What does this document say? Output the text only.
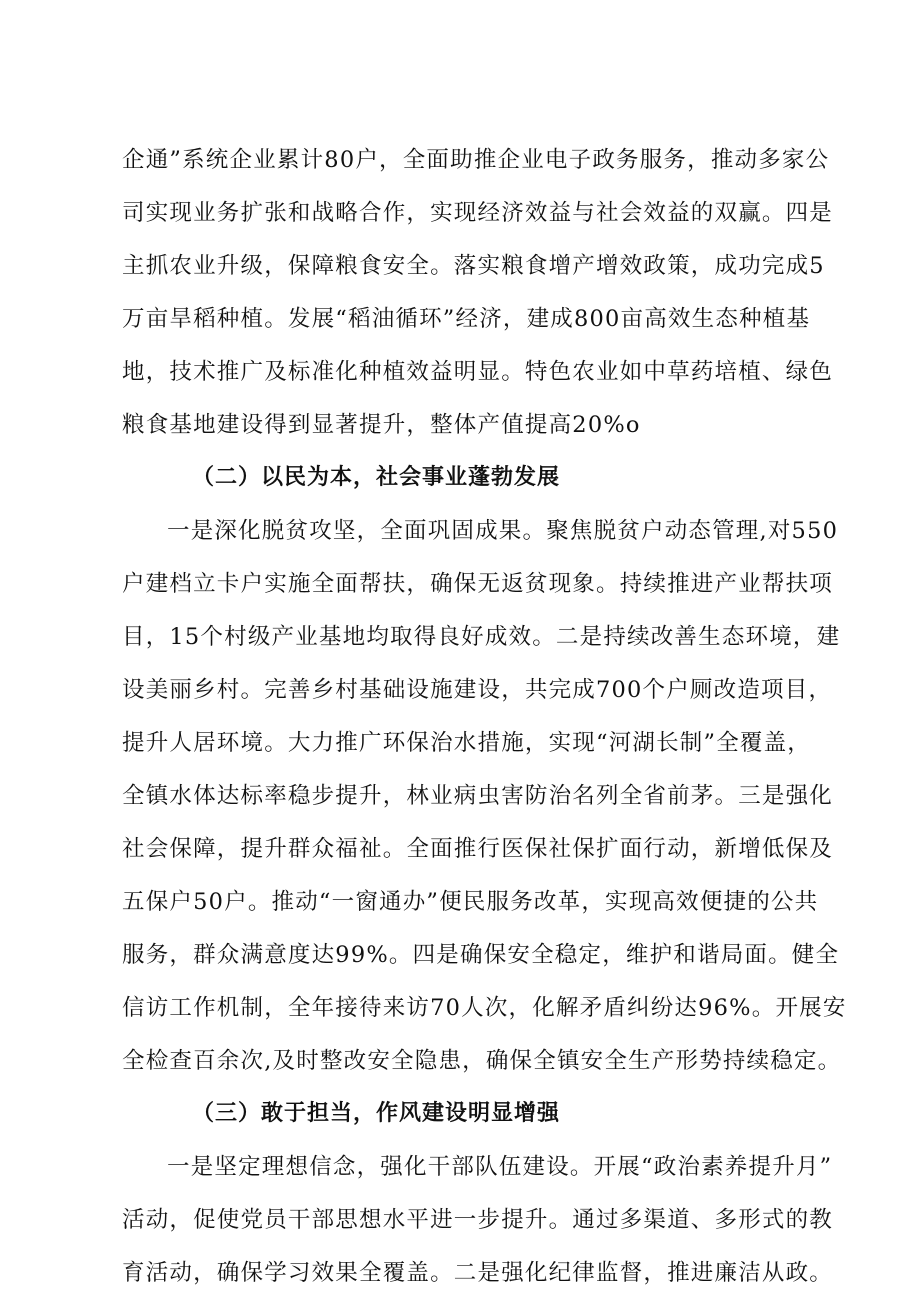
企通”系统企业累计80户，全面助推企业电子政务服务，推动多家公
司实现业务扩张和战略合作，实现经济效益与社会效益的双赢。四是
主抓农业升级，保障粮食安全。落实粮食增产增效政策，成功完成5
万亩旱稻种植。发展“稻油循环”经济，建成800亩高效生态种植基
地，技术推广及标准化种植效益明显。特色农业如中草药培植、绿色
粮食基地建设得到显著提升，整体产值提高20%o
（二）以民为本，社会事业蓬勃发展
一是深化脱贫攻坚，全面巩固成果。聚焦脱贫户动态管理,对550
户建档立卡户实施全面帮扶，确保无返贫现象。持续推进产业帮扶项
目，15个村级产业基地均取得良好成效。二是持续改善生态环境，建
设美丽乡村。完善乡村基础设施建设，共完成700个户厕改造项目，
提升人居环境。大力推广环保治水措施，实现“河湖长制”全覆盖，
全镇水体达标率稳步提升，林业病虫害防治名列全省前茅。三是强化
社会保障，提升群众福祉。全面推行医保社保扩面行动，新增低保及
五保户50户。推动“一窗通办”便民服务改革，实现高效便捷的公共
服务，群众满意度达99%。四是确保安全稳定，维护和谐局面。健全
信访工作机制，全年接待来访70人次，化解矛盾纠纷达96%。开展安
全检查百余次,及时整改安全隐患，确保全镇安全生产形势持续稳定。
（三）敢于担当，作风建设明显增强
一是坚定理想信念，强化干部队伍建设。开展“政治素养提升月”
活动，促使党员干部思想水平进一步提升。通过多渠道、多形式的教
育活动，确保学习效果全覆盖。二是强化纪律监督，推进廉洁从政。
